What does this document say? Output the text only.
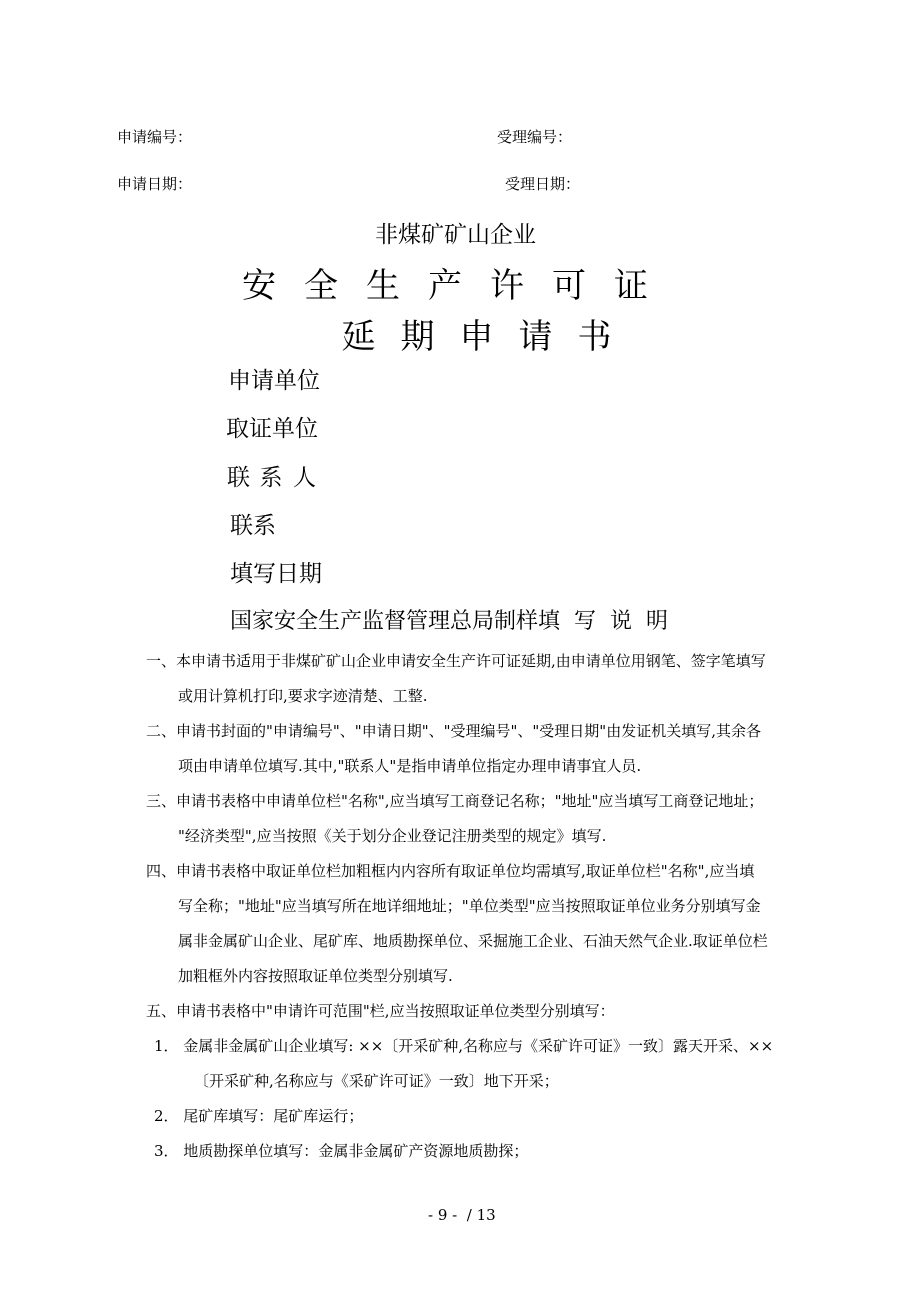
申请编号：	受理编号：
申请日期：	受理日期：
非煤矿矿山企业
安 全 生 产 许 可 证
延 期 申 请 书
申请单位
取证单位
联 系 人
联系
填写日期
国家安全生产监督管理总局制样填  写  说  明
一、本申请书适用于非煤矿矿山企业申请安全生产许可证延期,由申请单位用钢笔、签字笔填写
或用计算机打印,要求字迹清楚、工整.
二、申请书封面的"申请编号"、"申请日期"、"受理编号"、"受理日期"由发证机关填写,其余各
项由申请单位填写.其中,"联系人"是指申请单位指定办理申请事宜人员.
三、申请书表格中申请单位栏"名称",应当填写工商登记名称；"地址"应当填写工商登记地址；
"经济类型",应当按照《关于划分企业登记注册类型的规定》填写.
四、申请书表格中取证单位栏加粗框内内容所有取证单位均需填写,取证单位栏"名称",应当填
写全称；"地址"应当填写所在地详细地址；"单位类型"应当按照取证单位业务分别填写金
属非金属矿山企业、尾矿库、地质勘探单位、采掘施工企业、石油天然气企业.取证单位栏
加粗框外内容按照取证单位类型分别填写.
五、申请书表格中"申请许可范围"栏,应当按照取证单位类型分别填写：
1． 金属非金属矿山企业填写: ××〔开采矿种,名称应与《采矿许可证》一致〕露天开采、××
〔开采矿种,名称应与《采矿许可证》一致〕地下开采；
2． 尾矿库填写：尾矿库运行；
3． 地质勘探单位填写：金属非金属矿产资源地质勘探；
- 9 -  / 13
